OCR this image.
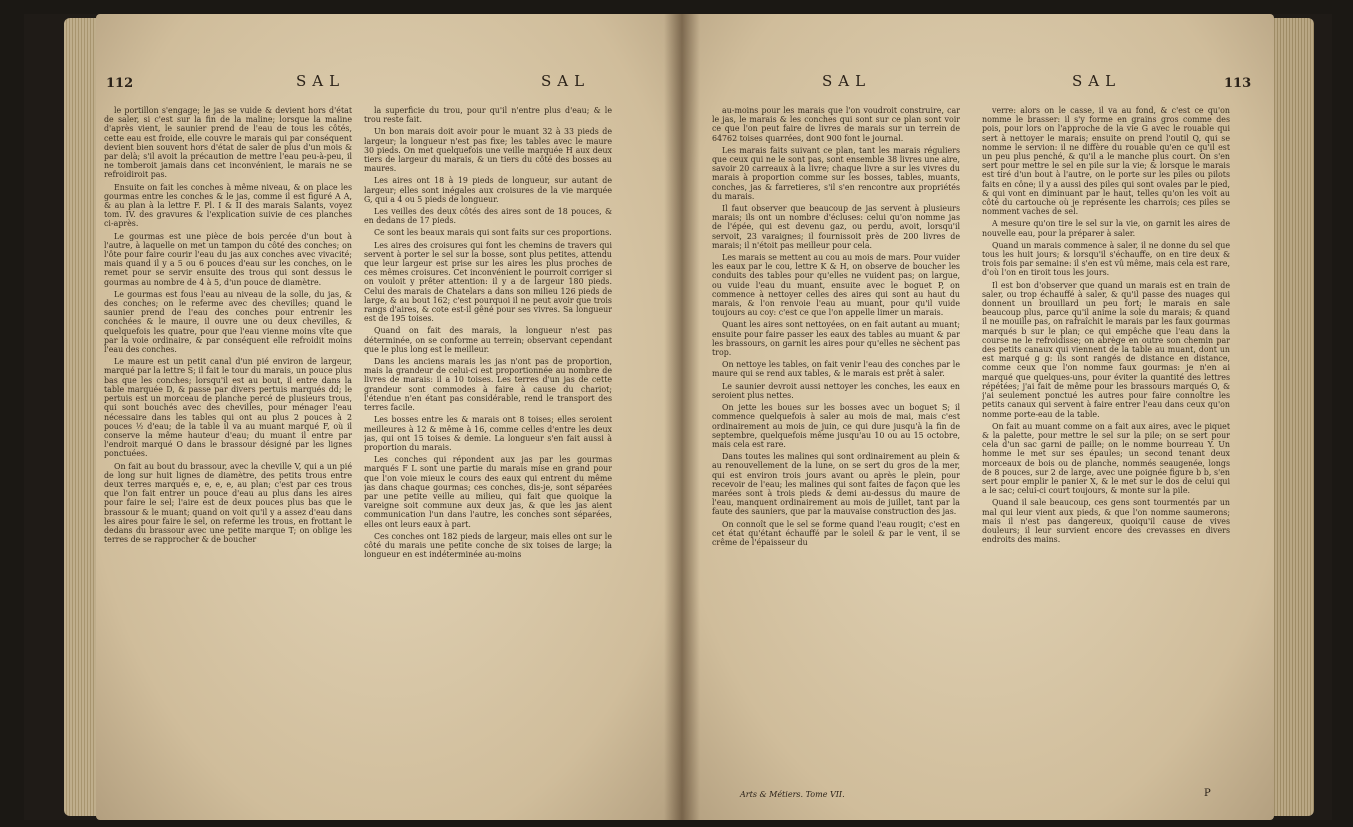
112	SAL	SAL

le portillon s'engage; le jas se vuide & devient hors d'état de saler, si c'est sur la fin de la maline; lorsque la maline d'après vient, le saunier prend de l'eau de tous les côtés, cette eau est froide, elle couvre le marais qui par conséquent devient bien souvent hors d'état de saler de plus d'un mois & par delà; s'il avoit la précaution de mettre l'eau peu-à-peu, il ne tomberoit jamais dans cet inconvénient, le marais ne se refroidiroit pas.

Ensuite on fait les conches à même niveau, & on place les gourmas entre les conches & le jas, comme il est figuré A A, & au plan à la lettre F. Pl. I & II des marais Salants, voyez tom. IV. des gravures & l'explication suivie de ces planches ci-après.

Le gourmas est une pièce de bois percée d'un bout à l'autre, à laquelle on met un tampon du côté des conches; on l'ôte pour faire courir l'eau du jas aux conches avec vivacité; mais quand il y a 5 ou 6 pouces d'eau sur les conches, on le remet pour se servir ensuite des trous qui sont dessus le gourmas au nombre de 4 à 5, d'un pouce de diamètre.

Le gourmas est fous l'eau au niveau de la solle, du jas, & des conches; on le referme avec des chevilles; quand le saunier prend de l'eau des conches pour entrenir les conchées & le maure, il ouvre une ou deux chevilles, & quelquefois les quatre, pour que l'eau vienne moins vîte que par la voie ordinaire, & par conséquent elle refroidit moins l'eau des conches.

Le maure est un petit canal d'un pié environ de largeur, marqué par la lettre S; il fait le tour du marais, un pouce plus bas que les conches; lorsqu'il est au bout, il entre dans la table marquée D, & passe par divers pertuis marqués dd; le pertuis est un morceau de planche percé de plusieurs trous, qui sont bouchés avec des chevilles, pour ménager l'eau nécessaire dans les tables qui ont au plus 2 pouces à 2 pouces ½ d'eau; de la table il va au muant marqué F, où il conserve la même hauteur d'eau; du muant il entre par l'endroit marqué O dans le brassour désigné par les lignes ponctuées.

On fait au bout du brassour, avec la cheville V, qui a un pié de long sur huit lignes de diamètre, des petits trous entre deux terres marqués e, e, e, e, au plan; c'est par ces trous que l'on fait entrer un pouce d'eau au plus dans les aires pour faire le sel; l'aire est de deux pouces plus bas que le brassour & le muant; quand on voit qu'il y a assez d'eau dans les aires pour faire le sel, on referme les trous, en frottant le dedans du brassour avec une petite marque T; on oblige les terres de se rapprocher & de boucher

la superficie du trou, pour qu'il n'entre plus d'eau; & le trou reste fait.

Un bon marais doit avoir pour le muant 32 à 33 pieds de largeur; la longueur n'est pas fixe; les tables avec le maure 30 pieds. On met quelquefois une veille marquée H aux deux tiers de largeur du marais, & un tiers du côté des bosses au maures.

Les aires ont 18 à 19 pieds de longueur, sur autant de largeur; elles sont inégales aux croisures de la vie marquée G, qui a 4 ou 5 pieds de longueur.

Les veilles des deux côtés des aires sont de 18 pouces, & en dedans de 17 pieds.

Ce sont les beaux marais qui sont faits sur ces proportions.

Les aires des croisures qui font les chemins de travers qui servent à porter le sel sur la bosse, sont plus petites, attendu que leur largeur est prise sur les aires les plus proches de ces mêmes croisures. Cet inconvénient le pourroit corriger si on vouloit y prêter attention: il y a de largeur 180 pieds. Celui des marais de Chatelars a dans son milieu 126 pieds de large, & au bout 162; c'est pourquoi il ne peut avoir que trois rangs d'aires, & cote est-il gêné pour ses vivres. Sa longueur est de 195 toises.

Quand on fait des marais, la longueur n'est pas déterminée, on se conforme au terrein; observant cependant que le plus long est le meilleur.

Dans les anciens marais les jas n'ont pas de proportion, mais la grandeur de celui-ci est proportionnée au nombre de livres de marais: il a 10 toises. Les terres d'un jas de cette grandeur sont commodes à faire à cause du chariot; l'étendue n'en étant pas considérable, rend le transport des terres facile.

Les bosses entre les & marais ont 8 toises; elles seroient meilleures à 12 & même à 16, comme celles d'entre les deux jas, qui ont 15 toises & demie. La longueur s'en fait aussi à proportion du marais.

Les conches qui répondent aux jas par les gourmas marqués F L sont une partie du marais mise en grand pour que l'on voie mieux le cours des eaux qui entrent du même jas dans chaque gourmas; ces conches, dis-je, sont séparées par une petite veille au milieu, qui fait que quoique la vareigne soit commune aux deux jas, & que les jas aient communication l'un dans l'autre, les conches sont séparées, elles ont leurs eaux à part.

Ces conches ont 182 pieds de largeur, mais elles ont sur le côté du marais une petite conche de six toises de large; la longueur en est indéterminée au-moins

SAL	SAL	113

au-moins pour les marais que l'on voudroit construire, car le jas, le marais & les conches qui sont sur ce plan sont voir ce que l'on peut faire de livres de marais sur un terrein de 64762 toises quarrées, dont 900 font le journal.

Les marais faits suivant ce plan, tant les marais réguliers que ceux qui ne le sont pas, sont ensemble 38 livres une aire, savoir 20 carreaux à la livre; chaque livre a sur les vivres du marais à proportion comme sur les bosses, tables, muants, conches, jas & farretieres, s'il s'en rencontre aux propriétés du marais.

Il faut observer que beaucoup de jas servent à plusieurs marais; ils ont un nombre d'écluses: celui qu'on nomme jas de l'épée, qui est devenu gaz, ou perdu, avoit, lorsqu'il servoit, 23 varaignes; il fournissoit près de 200 livres de marais; il n'étoit pas meilleur pour cela.

Les marais se mettent au cou au mois de mars. Pour vuider les eaux par le cou, lettre K & H, on observe de boucher les conduits des tables pour qu'elles ne vuident pas; on largue, ou vuide l'eau du muant, ensuite avec le boguet P, on commence à nettoyer celles des aires qui sont au haut du marais, & l'on renvoie l'eau au muant, pour qu'il vuide toujours au coy: c'est ce que l'on appelle limer un marais.

Quant les aires sont nettoyées, on en fait autant au muant; ensuite pour faire passer les eaux des tables au muant & par les brassours, on garnit les aires pour qu'elles ne sèchent pas trop.

On nettoye les tables, on fait venir l'eau des conches par le maure qui se rend aux tables, & le marais est prêt à saler.

Le saunier devroit aussi nettoyer les conches, les eaux en seroient plus nettes.

On jette les boues sur les bosses avec un boguet S; il commence quelquefois à saler au mois de mai, mais c'est ordinairement au mois de juin, ce qui dure jusqu'à la fin de septembre, quelquefois même jusqu'au 10 ou au 15 octobre, mais cela est rare.

Dans toutes les malines qui sont ordinairement au plein & au renouvellement de la lune, on se sert du gros de la mer, qui est environ trois jours avant ou après le plein, pour recevoir de l'eau; les malines qui sont faites de façon que les marées sont à trois pieds & demi au-dessus du maure de l'eau, manquent ordinairement au mois de juillet, tant par la faute des sauniers, que par la mauvaise construction des jas.

On connoît que le sel se forme quand l'eau rougit; c'est en cet état qu'étant échauffé par le soleil & par le vent, il se crême de l'épaisseur du

verre: alors on le casse, il va au fond, & c'est ce qu'on nomme le brasser: il s'y forme en grains gros comme des pois, pour lors on l'approche de la vie G avec le rouable qui sert à nettoyer le marais; ensuite on prend l'outil Q, qui se nomme le servion: il ne diffère du rouable qu'en ce qu'il est un peu plus penché, & qu'il a le manche plus court. On s'en sert pour mettre le sel en pile sur la vie; & lorsque le marais est tiré d'un bout à l'autre, on le porte sur les piles ou pilots faits en cône; il y a aussi des piles qui sont ovales par le pied, & qui vont en diminuant par le haut, telles qu'on les voit au côté du cartouche où je représente les charrois; ces piles se nomment vaches de sel.

A mesure qu'on tire le sel sur la vie, on garnit les aires de nouvelle eau, pour la préparer à saler.

Quand un marais commence à saler, il ne donne du sel que tous les huit jours; & lorsqu'il s'échauffe, on en tire deux & trois fois par semaine: il s'en est vû même, mais cela est rare, d'où l'on en tiroit tous les jours.

Il est bon d'observer que quand un marais est en train de saler, ou trop échauffé à saler, & qu'il passe des nuages qui donnent un brouillard un peu fort; le marais en sale beaucoup plus, parce qu'il anime la sole du marais; & quand il ne mouille pas, on rafraîchit le marais par les faux gourmas marqués b sur le plan; ce qui empêche que l'eau dans la course ne le refroidisse; on abrège en outre son chemin par des petits canaux qui viennent de la table au muant, dont un est marqué g g: ils sont rangés de distance en distance, comme ceux que l'on nomme faux gourmas: je n'en ai marqué que quelques-uns, pour éviter la quantité des lettres répétées; j'ai fait de même pour les brassours marqués O, & j'ai seulement ponctué les autres pour faire connoître les petits canaux qui servent à faire entrer l'eau dans ceux qu'on nomme porte-eau de la table.

On fait au muant comme on a fait aux aires, avec le piquet & la palette, pour mettre le sel sur la pile; on se sert pour cela d'un sac garni de paille; on le nomme bourreau Y. Un homme le met sur ses épaules; un second tenant deux morceaux de bois ou de planche, nommés seaugenée, longs de 8 pouces, sur 2 de large, avec une poignée figure b b, s'en sert pour emplir le panier X, & le met sur le dos de celui qui a le sac; celui-ci court toujours, & monte sur la pile.

Quand il sale beaucoup, ces gens sont tourmentés par un mal qui leur vient aux pieds, & que l'on nomme saumerons; mais il n'est pas dangereux, quoiqu'il cause de vives douleurs; il leur survient encore des crevasses en divers endroits des mains.

Arts & Métiers. Tome VII.	P
